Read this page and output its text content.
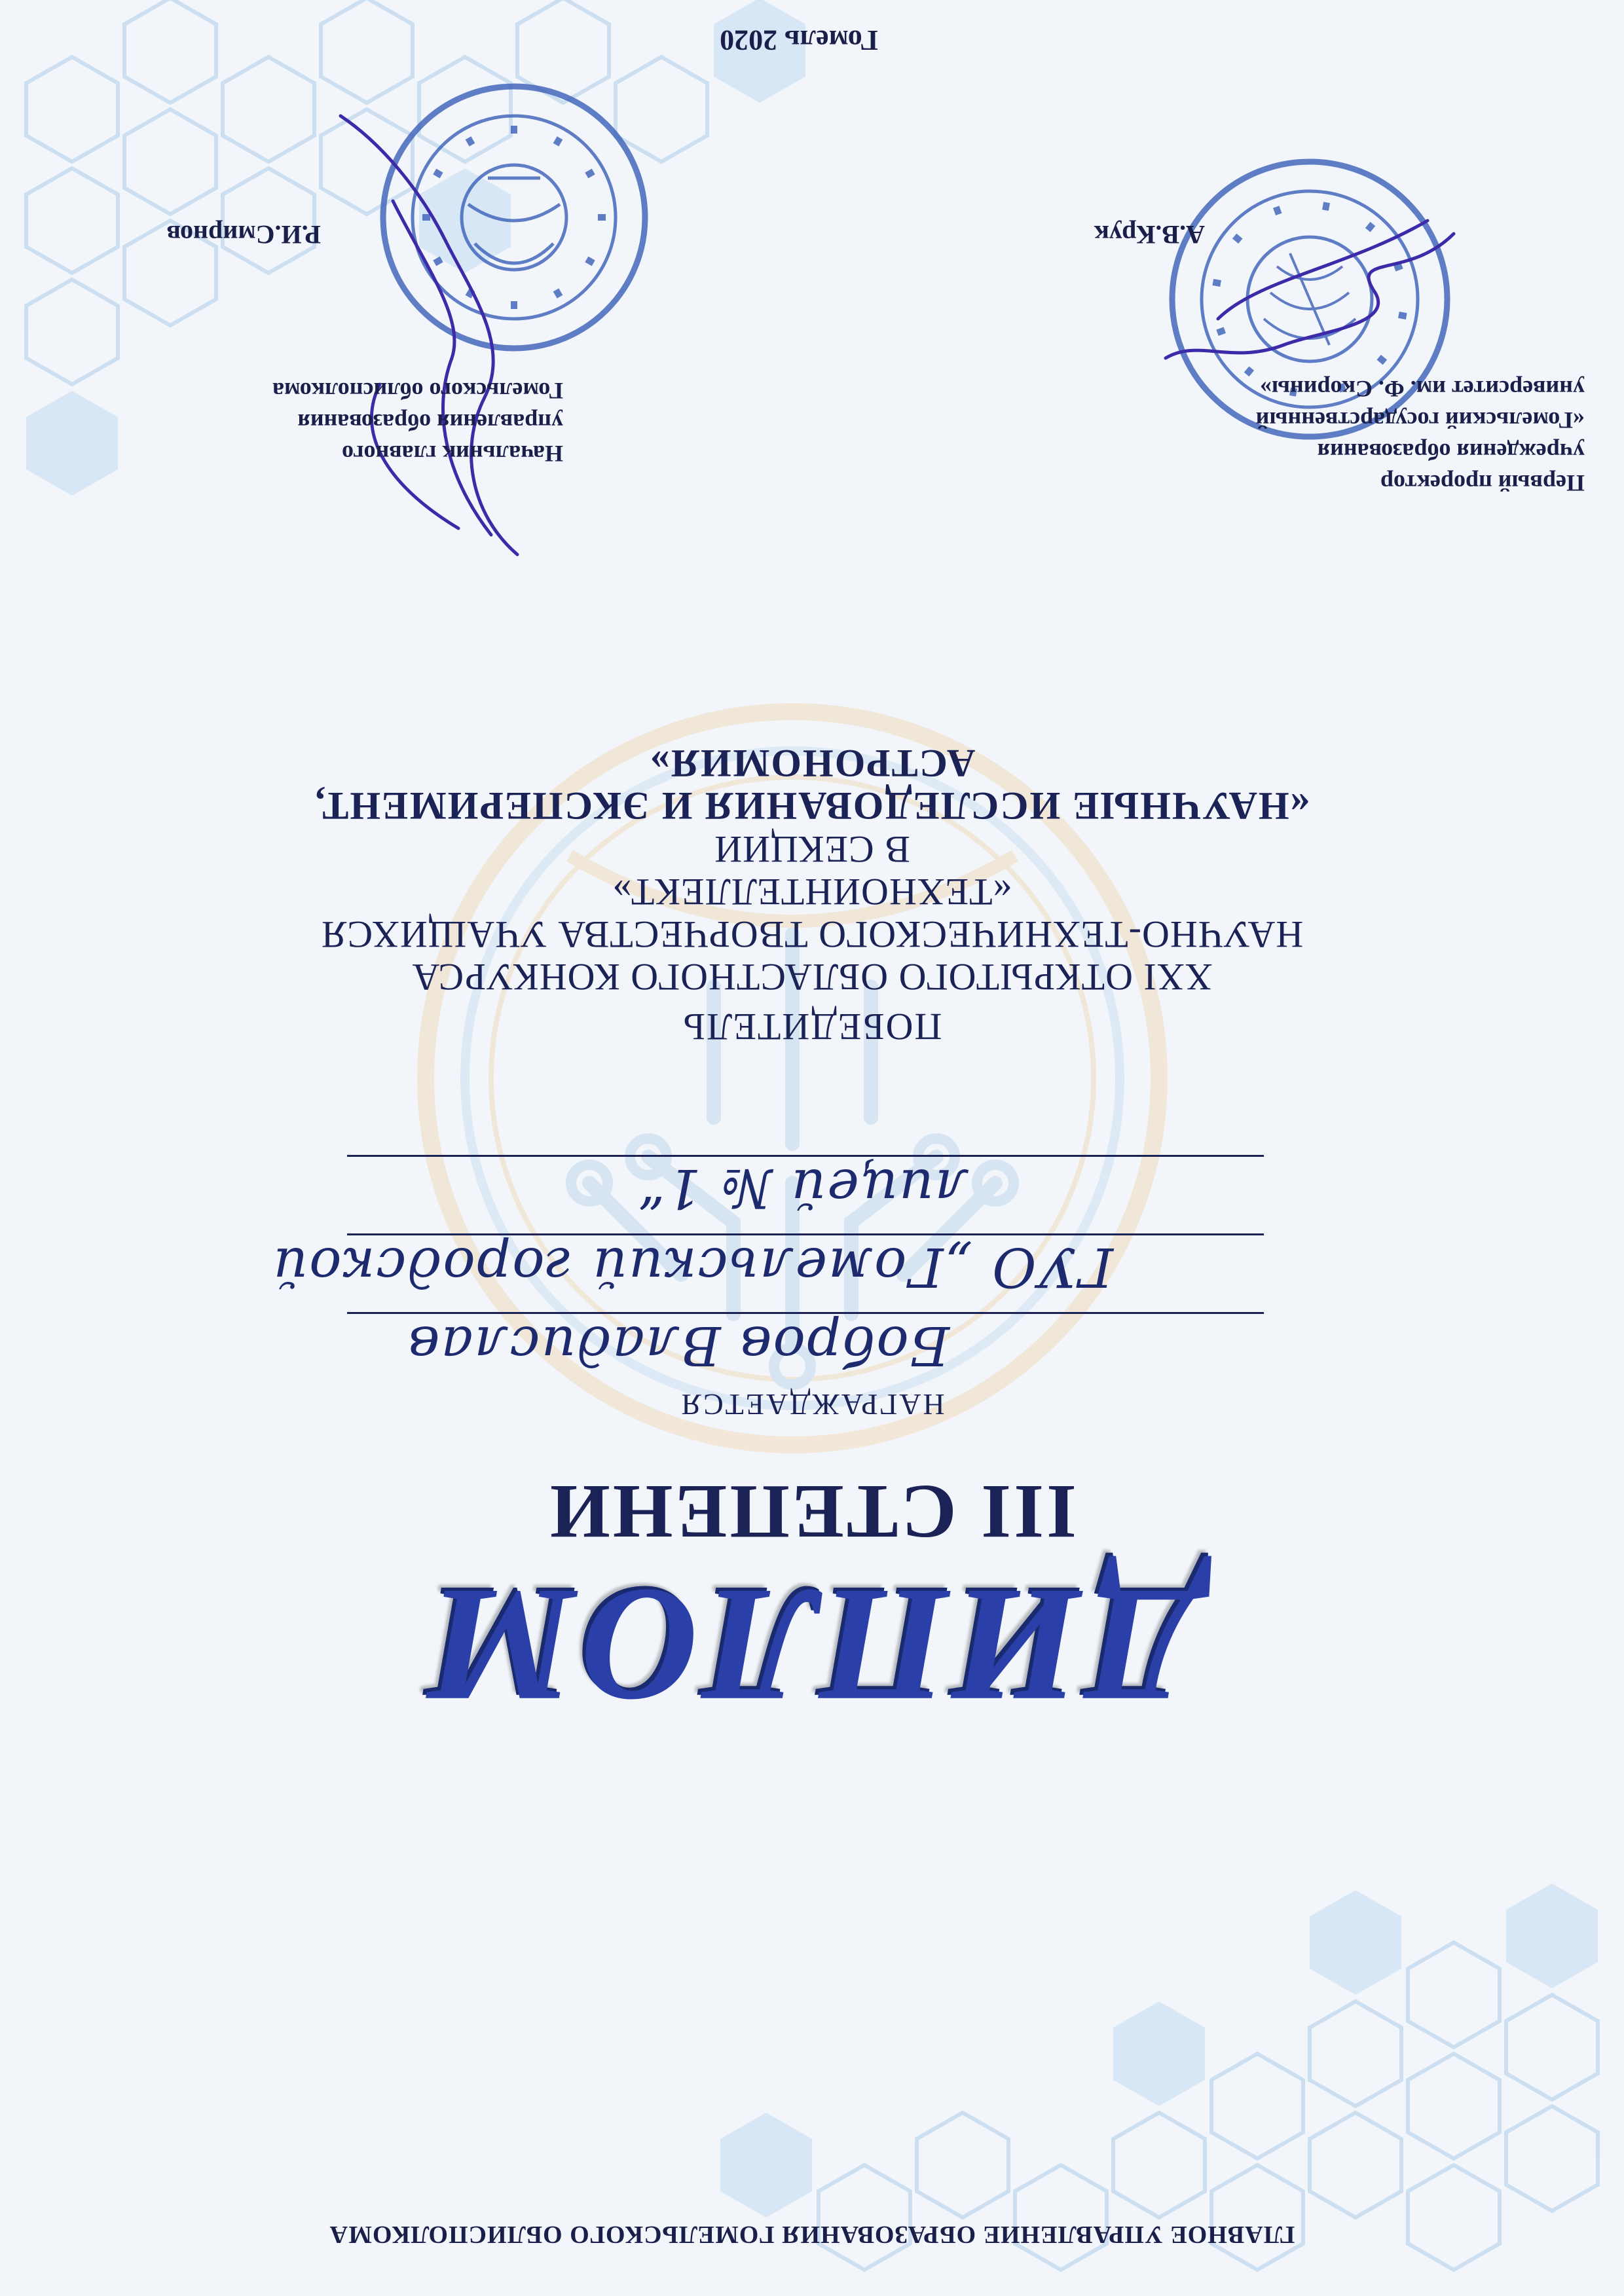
ГЛАВНОЕ УПРАВЛЕНИЕ ОБРАЗОВАНИЯ ГОМЕЛЬСКОГО ОБЛИСПОЛКОМА
ДИПЛОМ
III СТЕПЕНИ
НАГРАЖДАЕТСЯ
Бобров Владислав
ГУО „Гомельский городской
лицей № 1“
ПОБЕДИТЕЛЬ
XXI ОТКРЫТОГО ОБЛАСТНОГО КОНКУРСА
НАУЧНО-ТЕХНИЧЕСКОГО ТВОРЧЕСТВА УЧАЩИХСЯ
«ТЕХНОИНТЕЛЛЕКТ»
В СЕКЦИИ
«НАУЧНЫЕ ИССЛЕДОВАНИЯ И ЭКСПЕРИМЕНТ,
АСТРОНОМИЯ»
Первый проректор
учреждения образования
«Гомельский государственный
университет им. Ф. Скорины»
А.В.Крук
Начальник главного
управления образования
Гомельского облисполкома
Р.И.Смирнов
Гомель 2020
